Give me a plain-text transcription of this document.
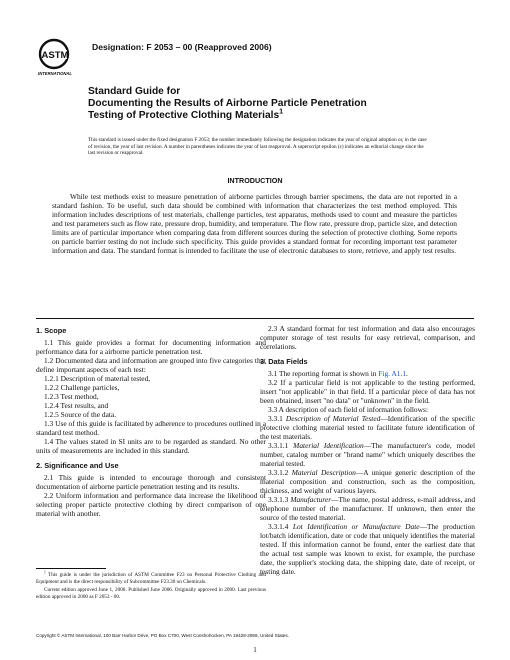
ASTM
INTERNATIONAL
Designation: F 2053 – 00 (Reapproved 2006)
Standard Guide for
Documenting the Results of Airborne Particle Penetration
Testing of Protective Clothing Materials$^1$
This standard is issued under the fixed designation F 2053; the number immediately following the designation indicates the year of original adoption or, in the case of revision, the year of last revision. A number in parentheses indicates the year of last reapproval. A superscript epsilon (ε) indicates an editorial change since the last revision or reapproval.
INTRODUCTION

While test methods exist to measure penetration of airborne particles through barrier specimens, the data are not reported in a standard fashion. To be useful, such data should be combined with information that characterizes the test method employed. This information includes descriptions of test materials, challenge particles, test apparatus, methods used to count and measure the particles and test parameters such as flow rate, pressure drop, humidity, and temperature. The flow rate, pressure drop, particle size, and detection limits are of particular importance when comparing data from different sources during the selection of protective clothing. Some reports on particle barrier testing do not include such specificity. This guide provides a standard format for recording important test parameter information and data. The standard format is intended to facilitate the use of electronic databases to store, retrieve, and apply test results.

1. Scope

1.1 This guide provides a format for documenting information and performance data for a airborne particle penetration test.

1.2 Documented data and information are grouped into five categories that define important aspects of each test:

1.2.1 Description of material tested,

1.2.2 Challenge particles,

1.2.3 Test method,

1.2.4 Test results, and

1.2.5 Source of the data.

1.3 Use of this guide is facilitated by adherence to procedures outlined in a standard test method.

1.4 The values stated in SI units are to be regarded as standard. No other units of measurements are included in this standard.

2. Significance and Use

2.1 This guide is intended to encourage thorough and consistent documentation of airborne particle penetration testing and its results.

2.2 Uniform information and performance data increase the likelihood of selecting proper particle protective clothing by direct comparison of one material with another.

$^1$ This guide is under the jurisdiction of ASTM Committee F23 on Personal Protective Clothing and Equipment and is the direct responsibility of Subcommittee F23.30 on Chemicals.

Current edition approved June 1, 2006. Published June 2006. Originally approved in 2000. Last previous edition approved in 2000 as F 2053 - 00.

2.3 A standard format for test information and data also encourages computer storage of test results for easy retrieval, comparison, and correlations.

3. Data Fields

3.1 The reporting format is shown in Fig. A1.1.

3.2 If a particular field is not applicable to the testing performed, insert "not applicable" in that field. If a particular piece of data has not been obtained, insert "no data" or "unknown" in the field.

3.3 A description of each field of information follows:

3.3.1 Description of Material Tested—Identification of the specific protective clothing material tested to facilitate future identification of the test materials.

3.3.1.1 Material Identification—The manufacturer's code, model number, catalog number or "brand name" which uniquely describes the material tested.

3.3.1.2 Material Description—A unique generic description of the material composition and construction, such as the composition, thickness, and weight of various layers.

3.3.1.3 Manufacturer—The name, postal address, e-mail address, and telephone number of the manufacturer. If unknown, then enter the source of the tested material.

3.3.1.4 Lot Identification or Manufacture Date—The production lot/batch identification, date or code that uniquely identifies the material tested. If this information cannot be found, enter the earliest date that the actual test sample was known to exist, for example, the purchase date, the supplier's stocking data, the shipping date, date of receipt, or testing date.

Copyright © ASTM International, 100 Barr Harbor Drive, PO Box C700, West Conshohocken, PA 19428-2959, United States.
1
